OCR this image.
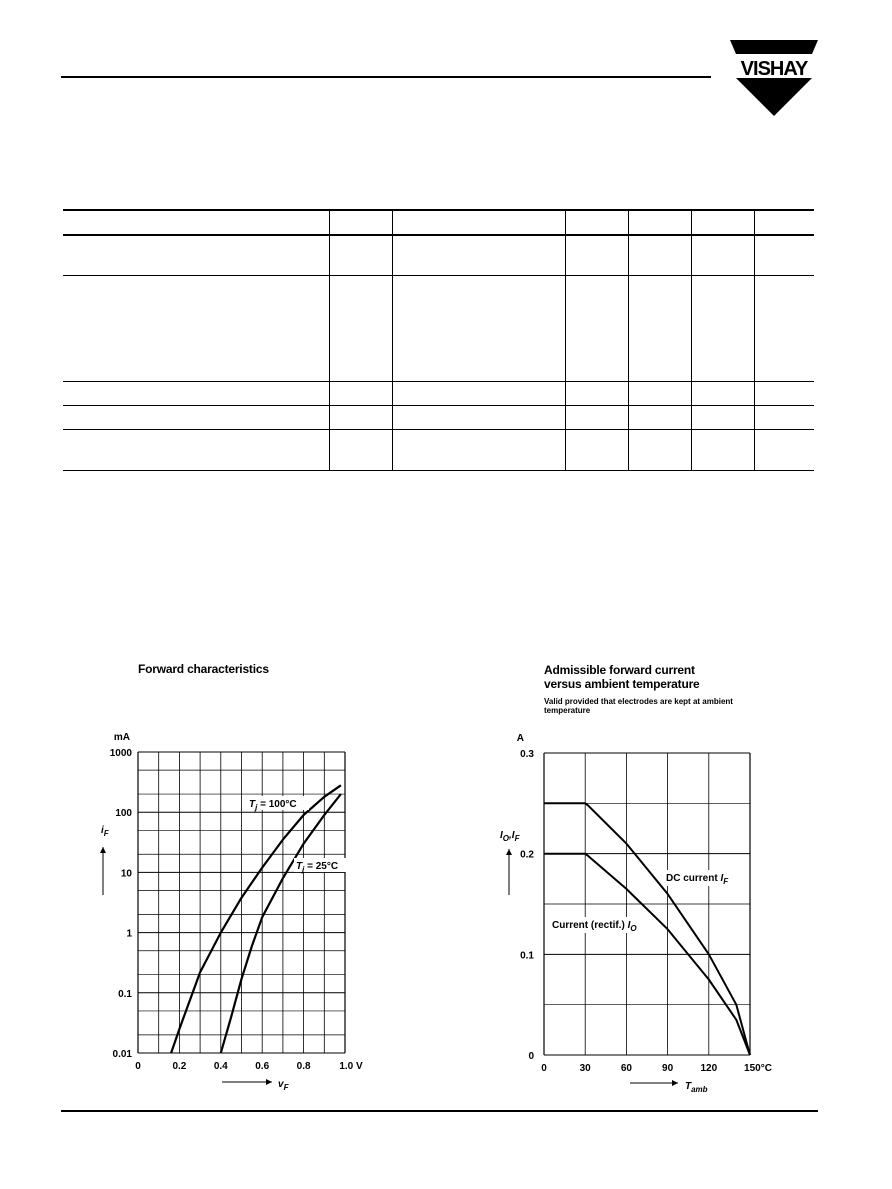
VISHAY

Forward characteristics	Admissible forward current
versus ambient temperature
Valid provided that electrodes are kept at ambient
temperature
0	0.2	0.4	0.6	0.8	1.0 V
1000
100
10
1
0.1
0.01
mA
$v_F$
$i_F$
$T_j = 100^\circ C$
$T_j = 25^\circ C$
0	30	60	90	120	150°C
0.3
0.2
0.1
0
A
$T_{amb}$
$I_O,I_F$
DC current $I_F$
Current (rectif.) $I_O$
